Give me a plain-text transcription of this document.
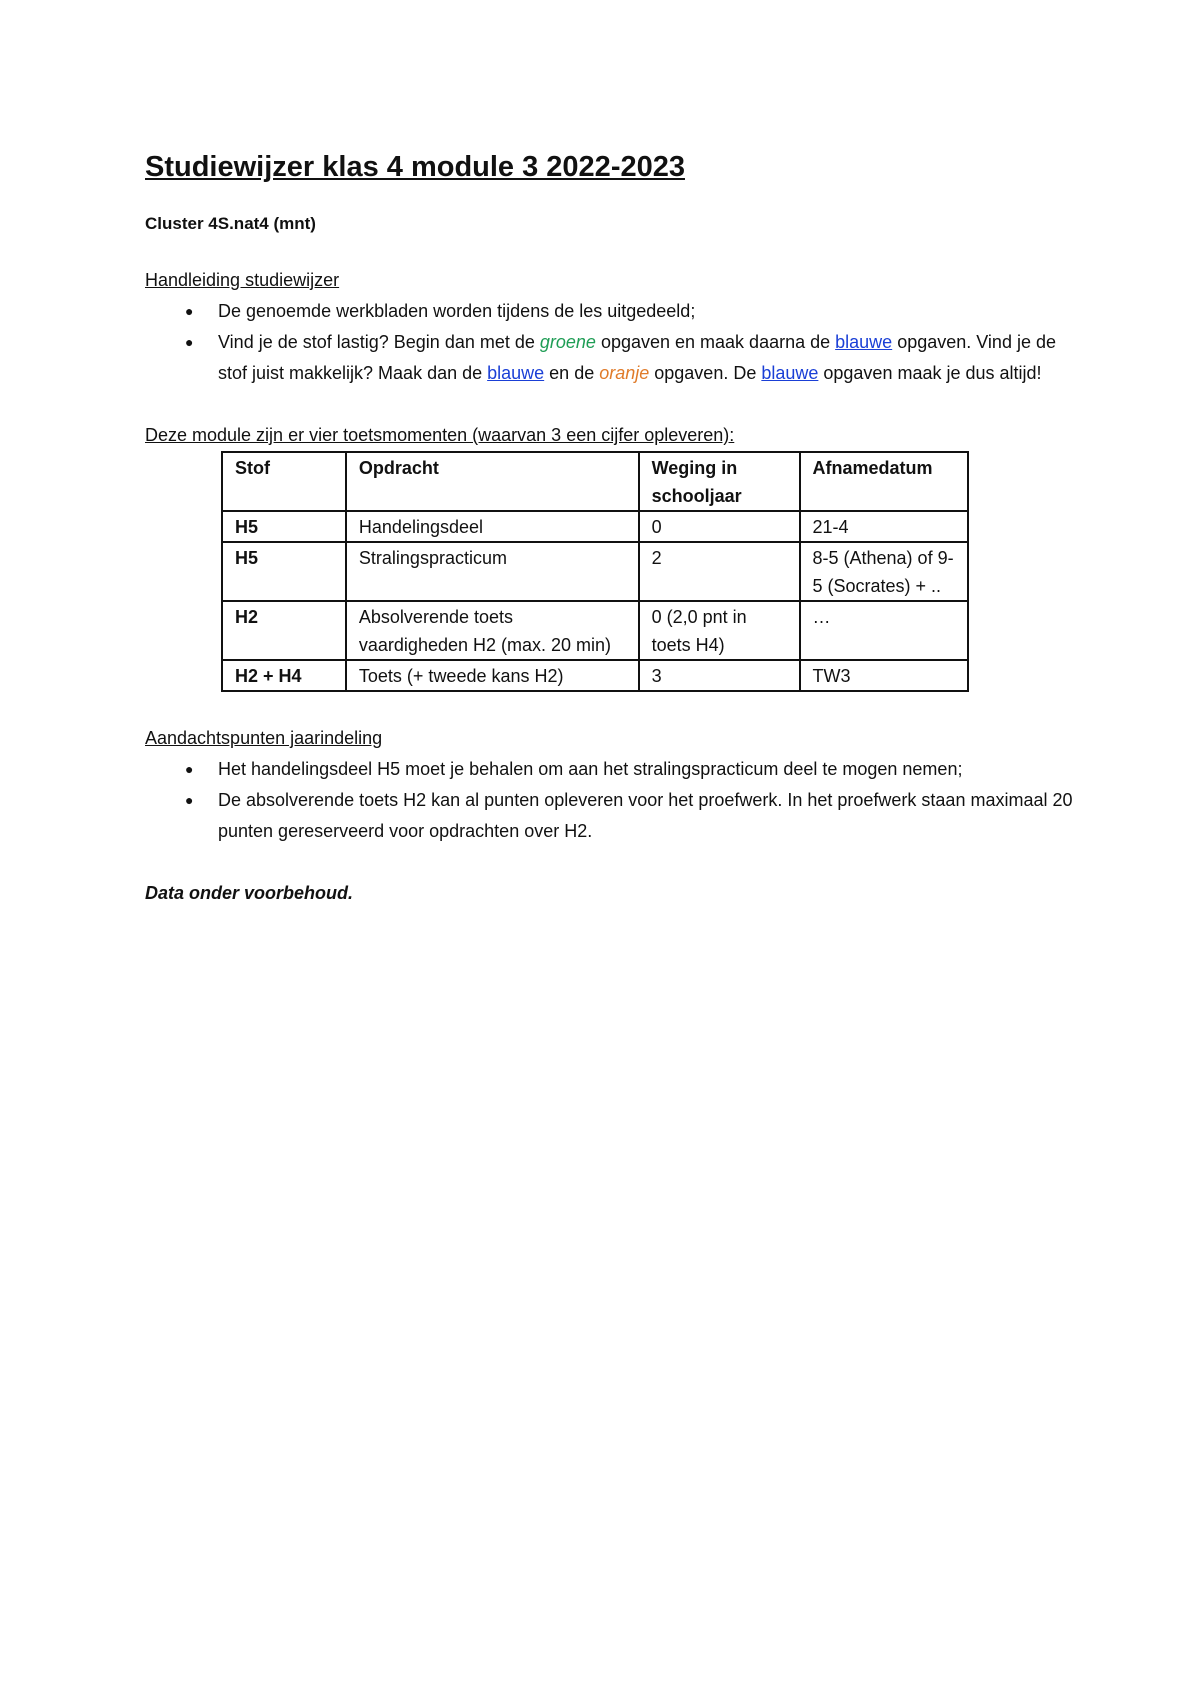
Studiewijzer klas 4 module 3 2022-2023
Cluster 4S.nat4 (mnt)
Handleiding studiewijzer
● De genoemde werkbladen worden tijdens de les uitgedeeld;
● Vind je de stof lastig? Begin dan met de groene opgaven en maak daarna de blauwe opgaven. Vind je de stof juist makkelijk? Maak dan de blauwe en de oranje opgaven. De blauwe opgaven maak je dus altijd!
Deze module zijn er vier toetsmomenten (waarvan 3 een cijfer opleveren):
Stof	Opdracht	Weging in schooljaar	Afnamedatum
H5	Handelingsdeel	0	21-4
H5	Stralingspracticum	2	8-5 (Athena) of 9-5 (Socrates) + ..
H2	Absolverende toets vaardigheden H2 (max. 20 min)	0 (2,0 pnt in toets H4)	…
H2 + H4	Toets (+ tweede kans H2)	3	TW3
Aandachtspunten jaarindeling
● Het handelingsdeel H5 moet je behalen om aan het stralingspracticum deel te mogen nemen;
● De absolverende toets H2 kan al punten opleveren voor het proefwerk. In het proefwerk staan maximaal 20 punten gereserveerd voor opdrachten over H2.
Data onder voorbehoud.
